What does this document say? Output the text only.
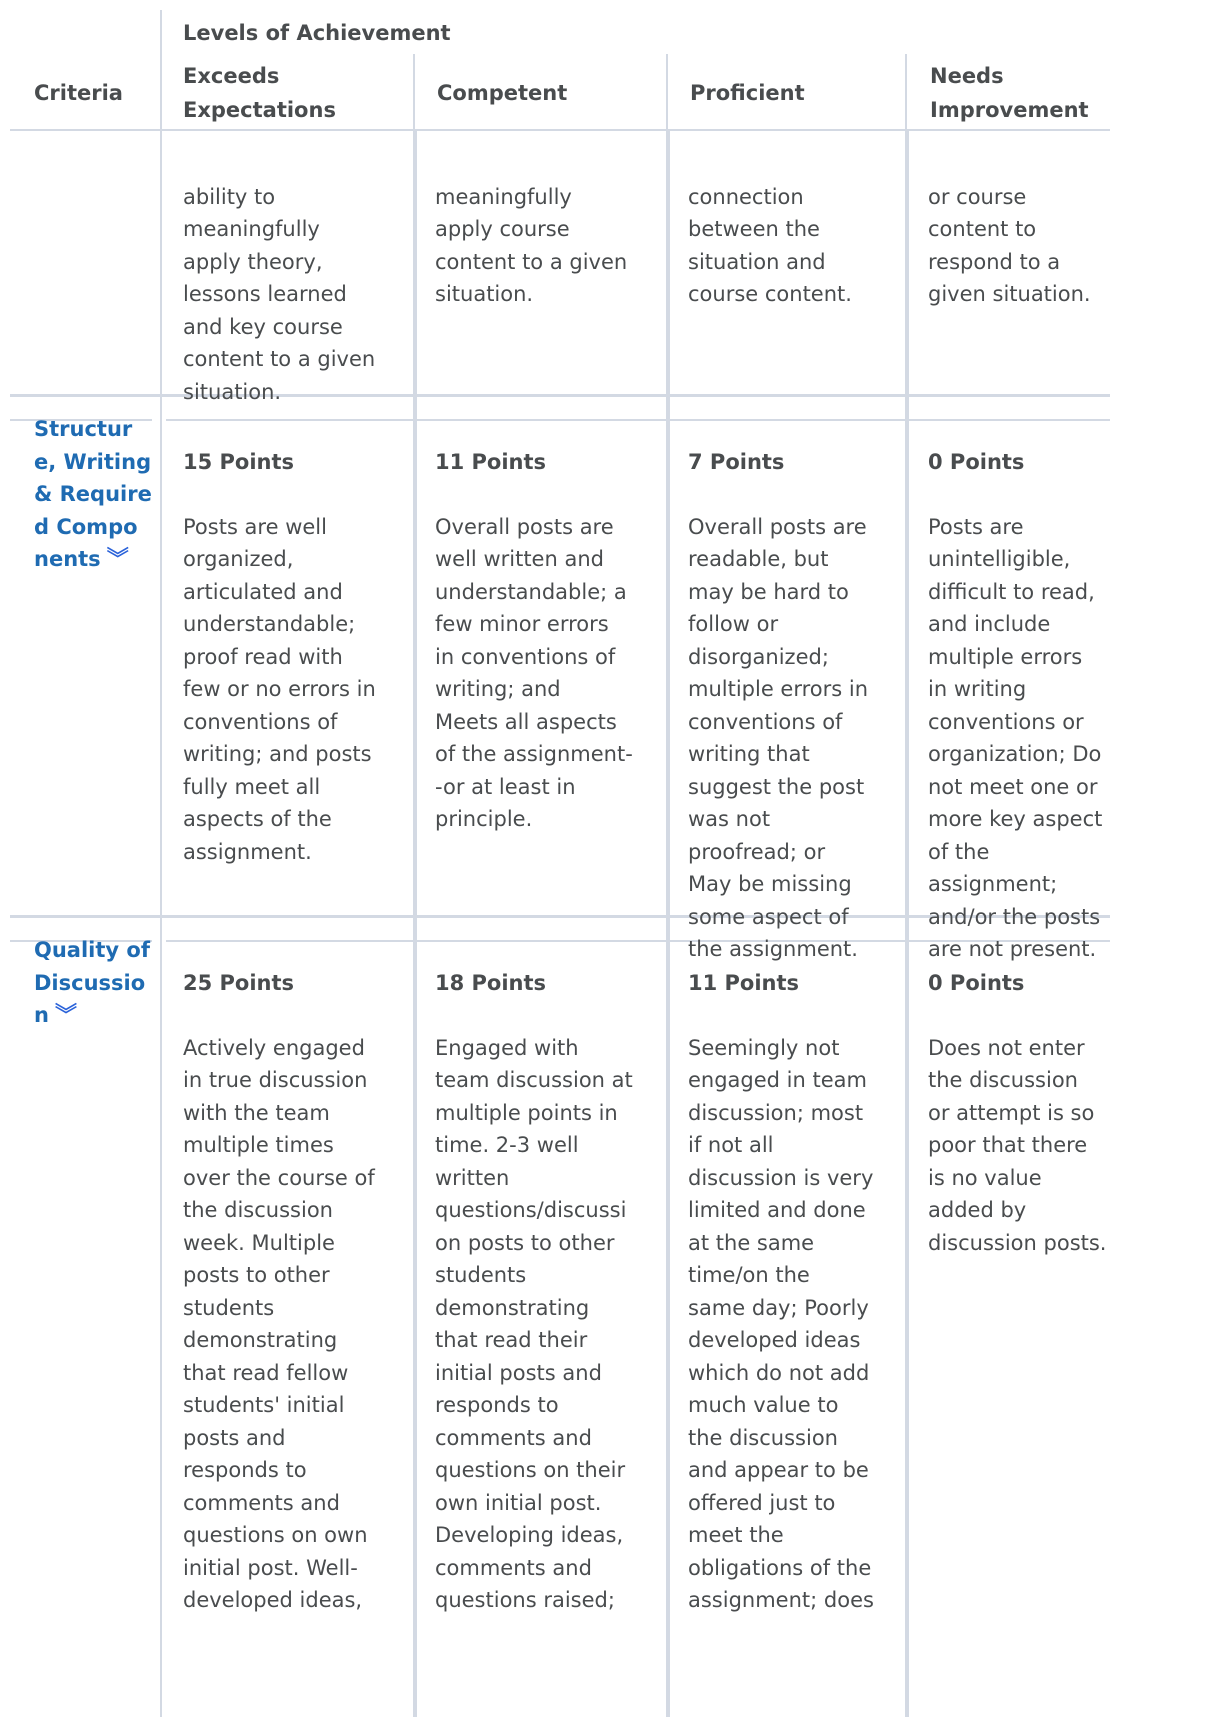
Levels of Achievement
Criteria
Exceeds Expectations
Competent	Proficient
Needs Improvement

ability to
meaningfully
apply theory,
lessons learned
and key course
content to a given
situation.

meaningfully
apply course
content to a given
situation.

connection
between the
situation and
course content.

or course
content to
respond to a
given situation.

Structure, Writing & Required Components ︾

15 Points

Posts are well
organized,
articulated and
understandable;
proof read with
few or no errors in
conventions of
writing; and posts
fully meet all
aspects of the
assignment.

11 Points

Overall posts are
well written and
understandable; a
few minor errors
in conventions of
writing; and
Meets all aspects
of the assignment-
-or at least in
principle.

7 Points

Overall posts are
readable, but
may be hard to
follow or
disorganized;
multiple errors in
conventions of
writing that
suggest the post
was not
proofread; or
May be missing
some aspect of
the assignment.

0 Points

Posts are
unintelligible,
difficult to read,
and include
multiple errors
in writing
conventions or
organization; Do
not meet one or
more key aspect
of the
assignment;
and/or the posts
are not present.

Quality of Discussion ︾

25 Points

Actively engaged
in true discussion
with the team
multiple times
over the course of
the discussion
week. Multiple
posts to other
students
demonstrating
that read fellow
students' initial
posts and
responds to
comments and
questions on own
initial post. Well-
developed ideas,

18 Points

Engaged with
team discussion at
multiple points in
time. 2-3 well
written
questions/discussi
on posts to other
students
demonstrating
that read their
initial posts and
responds to
comments and
questions on their
own initial post.
Developing ideas,
comments and
questions raised;

11 Points

Seemingly not
engaged in team
discussion; most
if not all
discussion is very
limited and done
at the same
time/on the
same day; Poorly
developed ideas
which do not add
much value to
the discussion
and appear to be
offered just to
meet the
obligations of the
assignment; does

0 Points

Does not enter
the discussion
or attempt is so
poor that there
is no value
added by
discussion posts.
